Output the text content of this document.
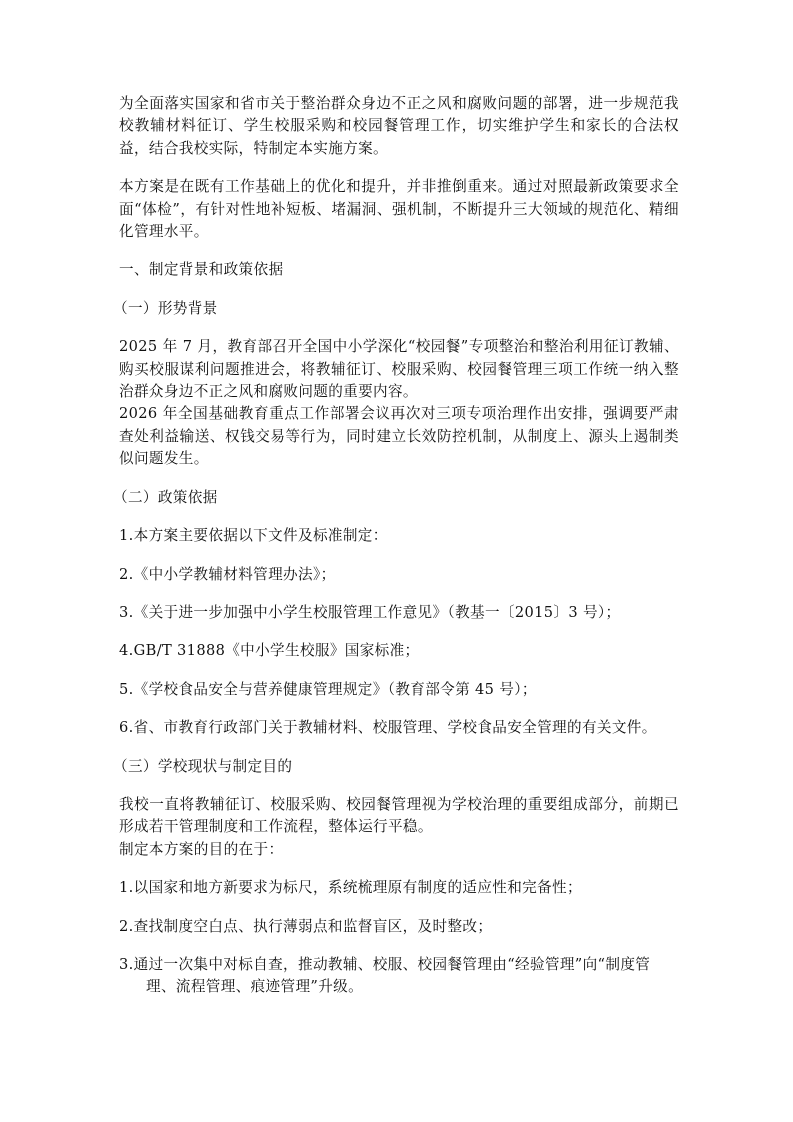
为全面落实国家和省市关于整治群众身边不正之风和腐败问题的部署，进一步规范我校教辅材料征订、学生校服采购和校园餐管理工作，切实维护学生和家长的合法权益，结合我校实际，特制定本实施方案。

本方案是在既有工作基础上的优化和提升，并非推倒重来。通过对照最新政策要求全面“体检”，有针对性地补短板、堵漏洞、强机制，不断提升三大领域的规范化、精细化管理水平。

一、制定背景和政策依据

（一）形势背景

2025 年 7 月，教育部召开全国中小学深化“校园餐”专项整治和整治利用征订教辅、购买校服谋利问题推进会，将教辅征订、校服采购、校园餐管理三项工作统一纳入整治群众身边不正之风和腐败问题的重要内容。

2026 年全国基础教育重点工作部署会议再次对三项专项治理作出安排，强调要严肃查处利益输送、权钱交易等行为，同时建立长效防控机制，从制度上、源头上遏制类似问题发生。

（二）政策依据

1.本方案主要依据以下文件及标准制定：

2.《中小学教辅材料管理办法》；

3.《关于进一步加强中小学生校服管理工作意见》（教基一〔2015〕3 号）；

4.GB/T 31888《中小学生校服》国家标准；

5.《学校食品安全与营养健康管理规定》（教育部令第 45 号）；

6.省、市教育行政部门关于教辅材料、校服管理、学校食品安全管理的有关文件。

（三）学校现状与制定目的

我校一直将教辅征订、校服采购、校园餐管理视为学校治理的重要组成部分，前期已形成若干管理制度和工作流程，整体运行平稳。

制定本方案的目的在于：

1.以国家和地方新要求为标尺，系统梳理原有制度的适应性和完备性；

2.查找制度空白点、执行薄弱点和监督盲区，及时整改；

3.通过一次集中对标自查，推动教辅、校服、校园餐管理由“经验管理”向“制度管理、流程管理、痕迹管理”升级。
